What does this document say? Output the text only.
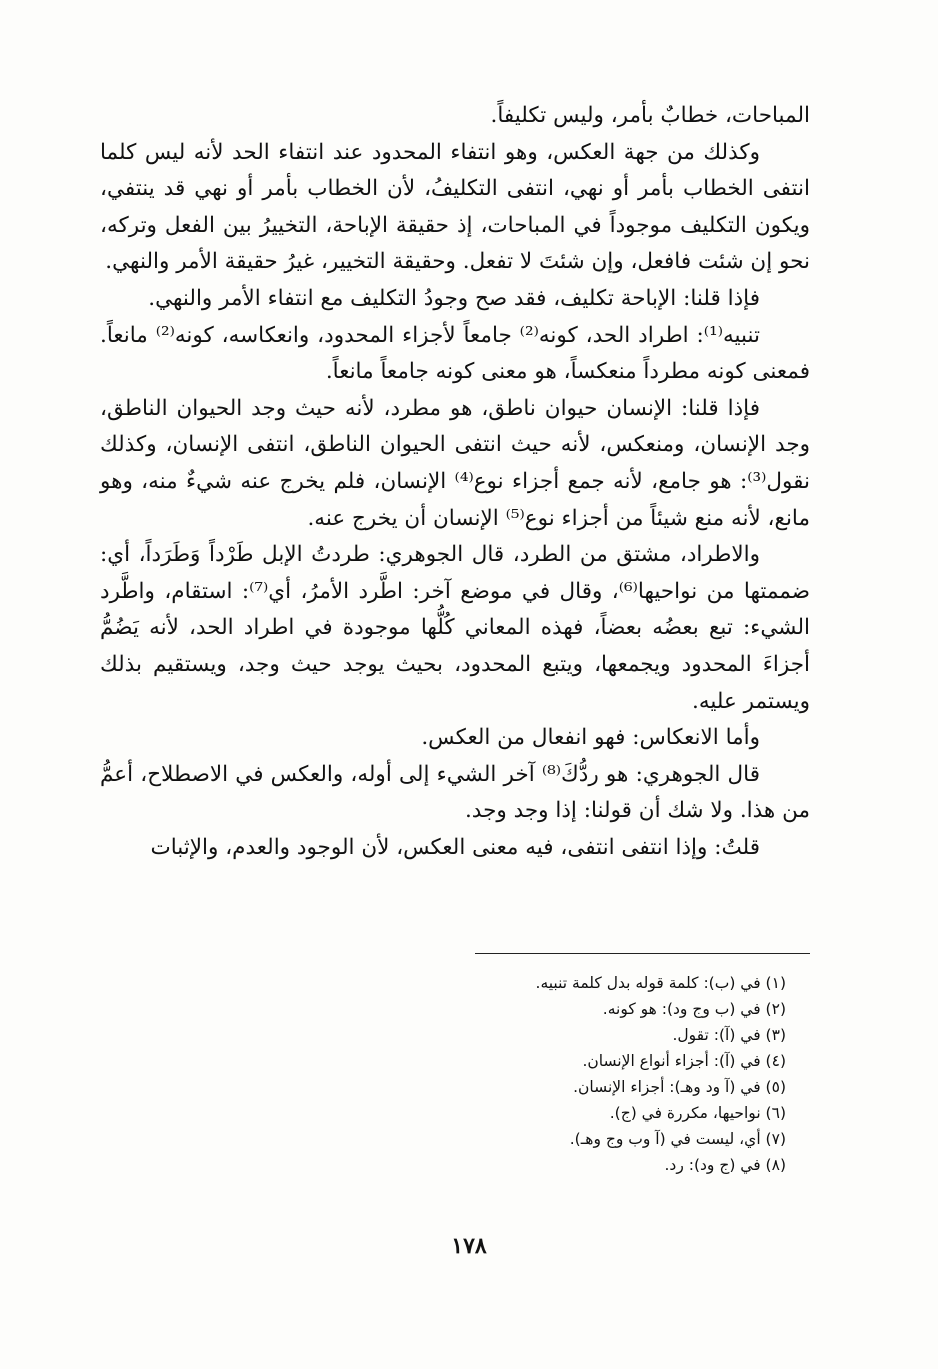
المباحات، خطابٌ بأمر، وليس تكليفاً.

وكذلك من جهة العكس، وهو انتفاء المحدود عند انتفاء الحد لأنه ليس كلما انتفى الخطاب بأمر أو نهي، انتفى التكليفُ، لأن الخطاب بأمر أو نهي قد ينتفي، ويكون التكليف موجوداً في المباحات، إذ حقيقة الإباحة، التخييرُ بين الفعل وتركه، نحو إن شئت فافعل، وإن شئتَ لا تفعل. وحقيقة التخيير، غيرُ حقيقة الأمر والنهي.

فإذا قلنا: الإباحة تكليف، فقد صح وجودُ التكليف مع انتفاء الأمر والنهي.

تنبيه⁽¹⁾: اطراد الحد، كونه⁽²⁾ جامعاً لأجزاء المحدود، وانعكاسه، كونه⁽²⁾ مانعاً. فمعنى كونه مطرداً منعكساً، هو معنى كونه جامعاً مانعاً.

فإذا قلنا: الإنسان حيوان ناطق، هو مطرد، لأنه حيث وجد الحيوان الناطق، وجد الإنسان، ومنعكس، لأنه حيث انتفى الحيوان الناطق، انتفى الإنسان، وكذلك نقول⁽³⁾: هو جامع، لأنه جمع أجزاء نوع⁽⁴⁾ الإنسان، فلم يخرج عنه شيءٌ منه، وهو مانع، لأنه منع شيئاً من أجزاء نوع⁽⁵⁾ الإنسان أن يخرج عنه.

والاطراد، مشتق من الطرد، قال الجوهري: طردتُ الإبل طَرْداً وَطَرَداً، أي: ضممتها من نواحيها⁽⁶⁾، وقال في موضع آخر: اطَّرد الأمرُ، أي⁽⁷⁾: استقام، واطَّرد الشيء: تبع بعضُه بعضاً، فهذه المعاني كُلُّها موجودة في اطراد الحد، لأنه يَضُمُّ أجزاءَ المحدود ويجمعها، ويتبع المحدود، بحيث يوجد حيث وجد، ويستقيم بذلك ويستمر عليه.

وأما الانعكاس: فهو انفعال من العكس.

قال الجوهري: هو ردُّكَ⁽⁸⁾ آخر الشيء إلى أوله، والعكس في الاصطلاح، أعمُّ من هذا. ولا شك أن قولنا: إذا وجد وجد.

قلتُ: وإذا انتفى انتفى، فيه معنى العكس، لأن الوجود والعدم، والإثبات

(١) في (ب): كلمة قوله بدل كلمة تنبيه.
(٢) في (ب وج ود): هو كونه.
(٣) في (آ): تقول.
(٤) في (آ): أجزاء أنواع الإنسان.
(٥) في (آ ود وهـ): أجزاء الإنسان.
(٦) نواحيها، مكررة في (ج).
(٧) أي، ليست في (آ وب وج وهـ).
(٨) في (ج ود): رد.
١٧٨
